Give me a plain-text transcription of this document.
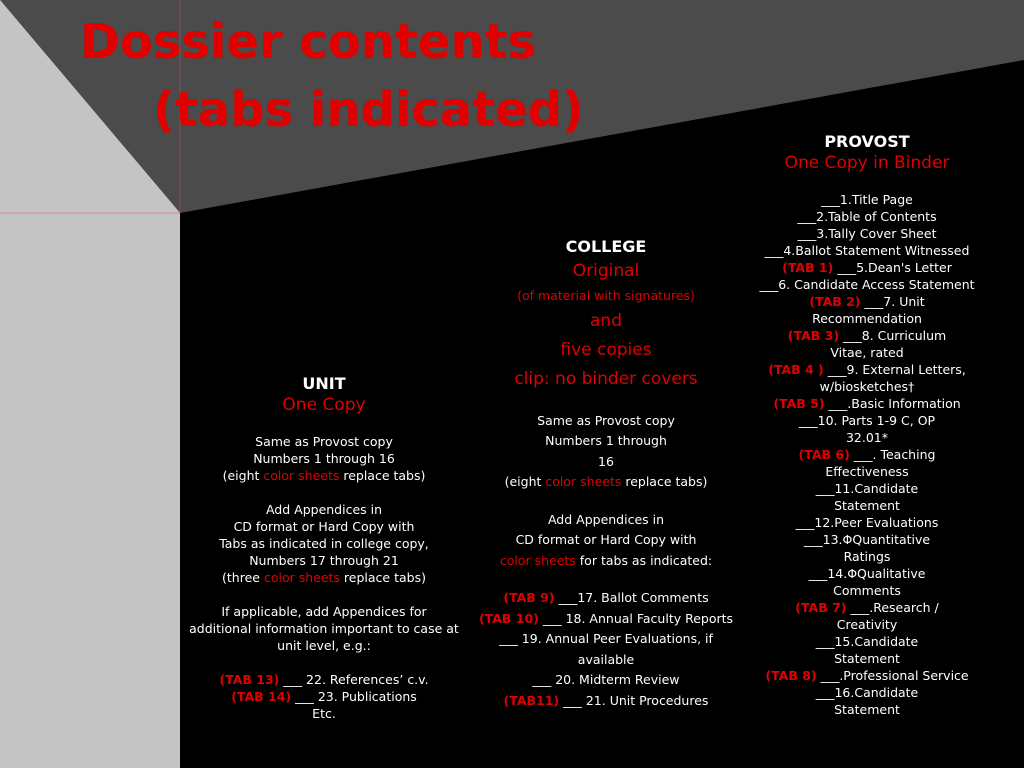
Dossier contents
(tabs indicated)
UNIT
One Copy
Same as Provost copy
Numbers 1 through 16
(eight color sheets replace tabs)
Add Appendices in
CD format or Hard Copy with
Tabs as indicated in college copy,
Numbers 17 through 21
(three color sheets replace tabs)
If applicable, add Appendices for
additional information important to case at
unit level, e.g.:
(TAB 13) ___ 22. References’ c.v.
(TAB 14) ___ 23. Publications
Etc.
COLLEGE
Original
(of material with signatures)
and
five copies
clip: no binder covers
Same as Provost copy
Numbers 1 through
16
(eight color sheets replace tabs)
Add Appendices in
CD format or Hard Copy with
color sheets for tabs as indicated:
(TAB 9) ___17. Ballot Comments
(TAB 10) ___ 18. Annual Faculty Reports
___ 19. Annual Peer Evaluations, if
available
___ 20. Midterm Review
(TAB11) ___ 21. Unit Procedures
PROVOST
One Copy in Binder
___1.Title Page
___2.Table of Contents
___3.Tally Cover Sheet
___4.Ballot Statement Witnessed
(TAB 1) ___5.Dean's Letter
___6. Candidate Access Statement
(TAB 2) ___7. Unit
Recommendation
(TAB 3) ___8. Curriculum
Vitae, rated
(TAB 4 ) ___9. External Letters,
w/biosketches†
(TAB 5) ___.Basic Information
___10. Parts 1-9 C, OP
32.01*
(TAB 6) ___. Teaching
Effectiveness
___11.Candidate
Statement
___12.Peer Evaluations
___13.ΦQuantitative
Ratings
___14.ΦQualitative
Comments
(TAB 7) ___.Research /
Creativity
___15.Candidate
Statement
(TAB 8) ___.Professional Service
___16.Candidate
Statement
